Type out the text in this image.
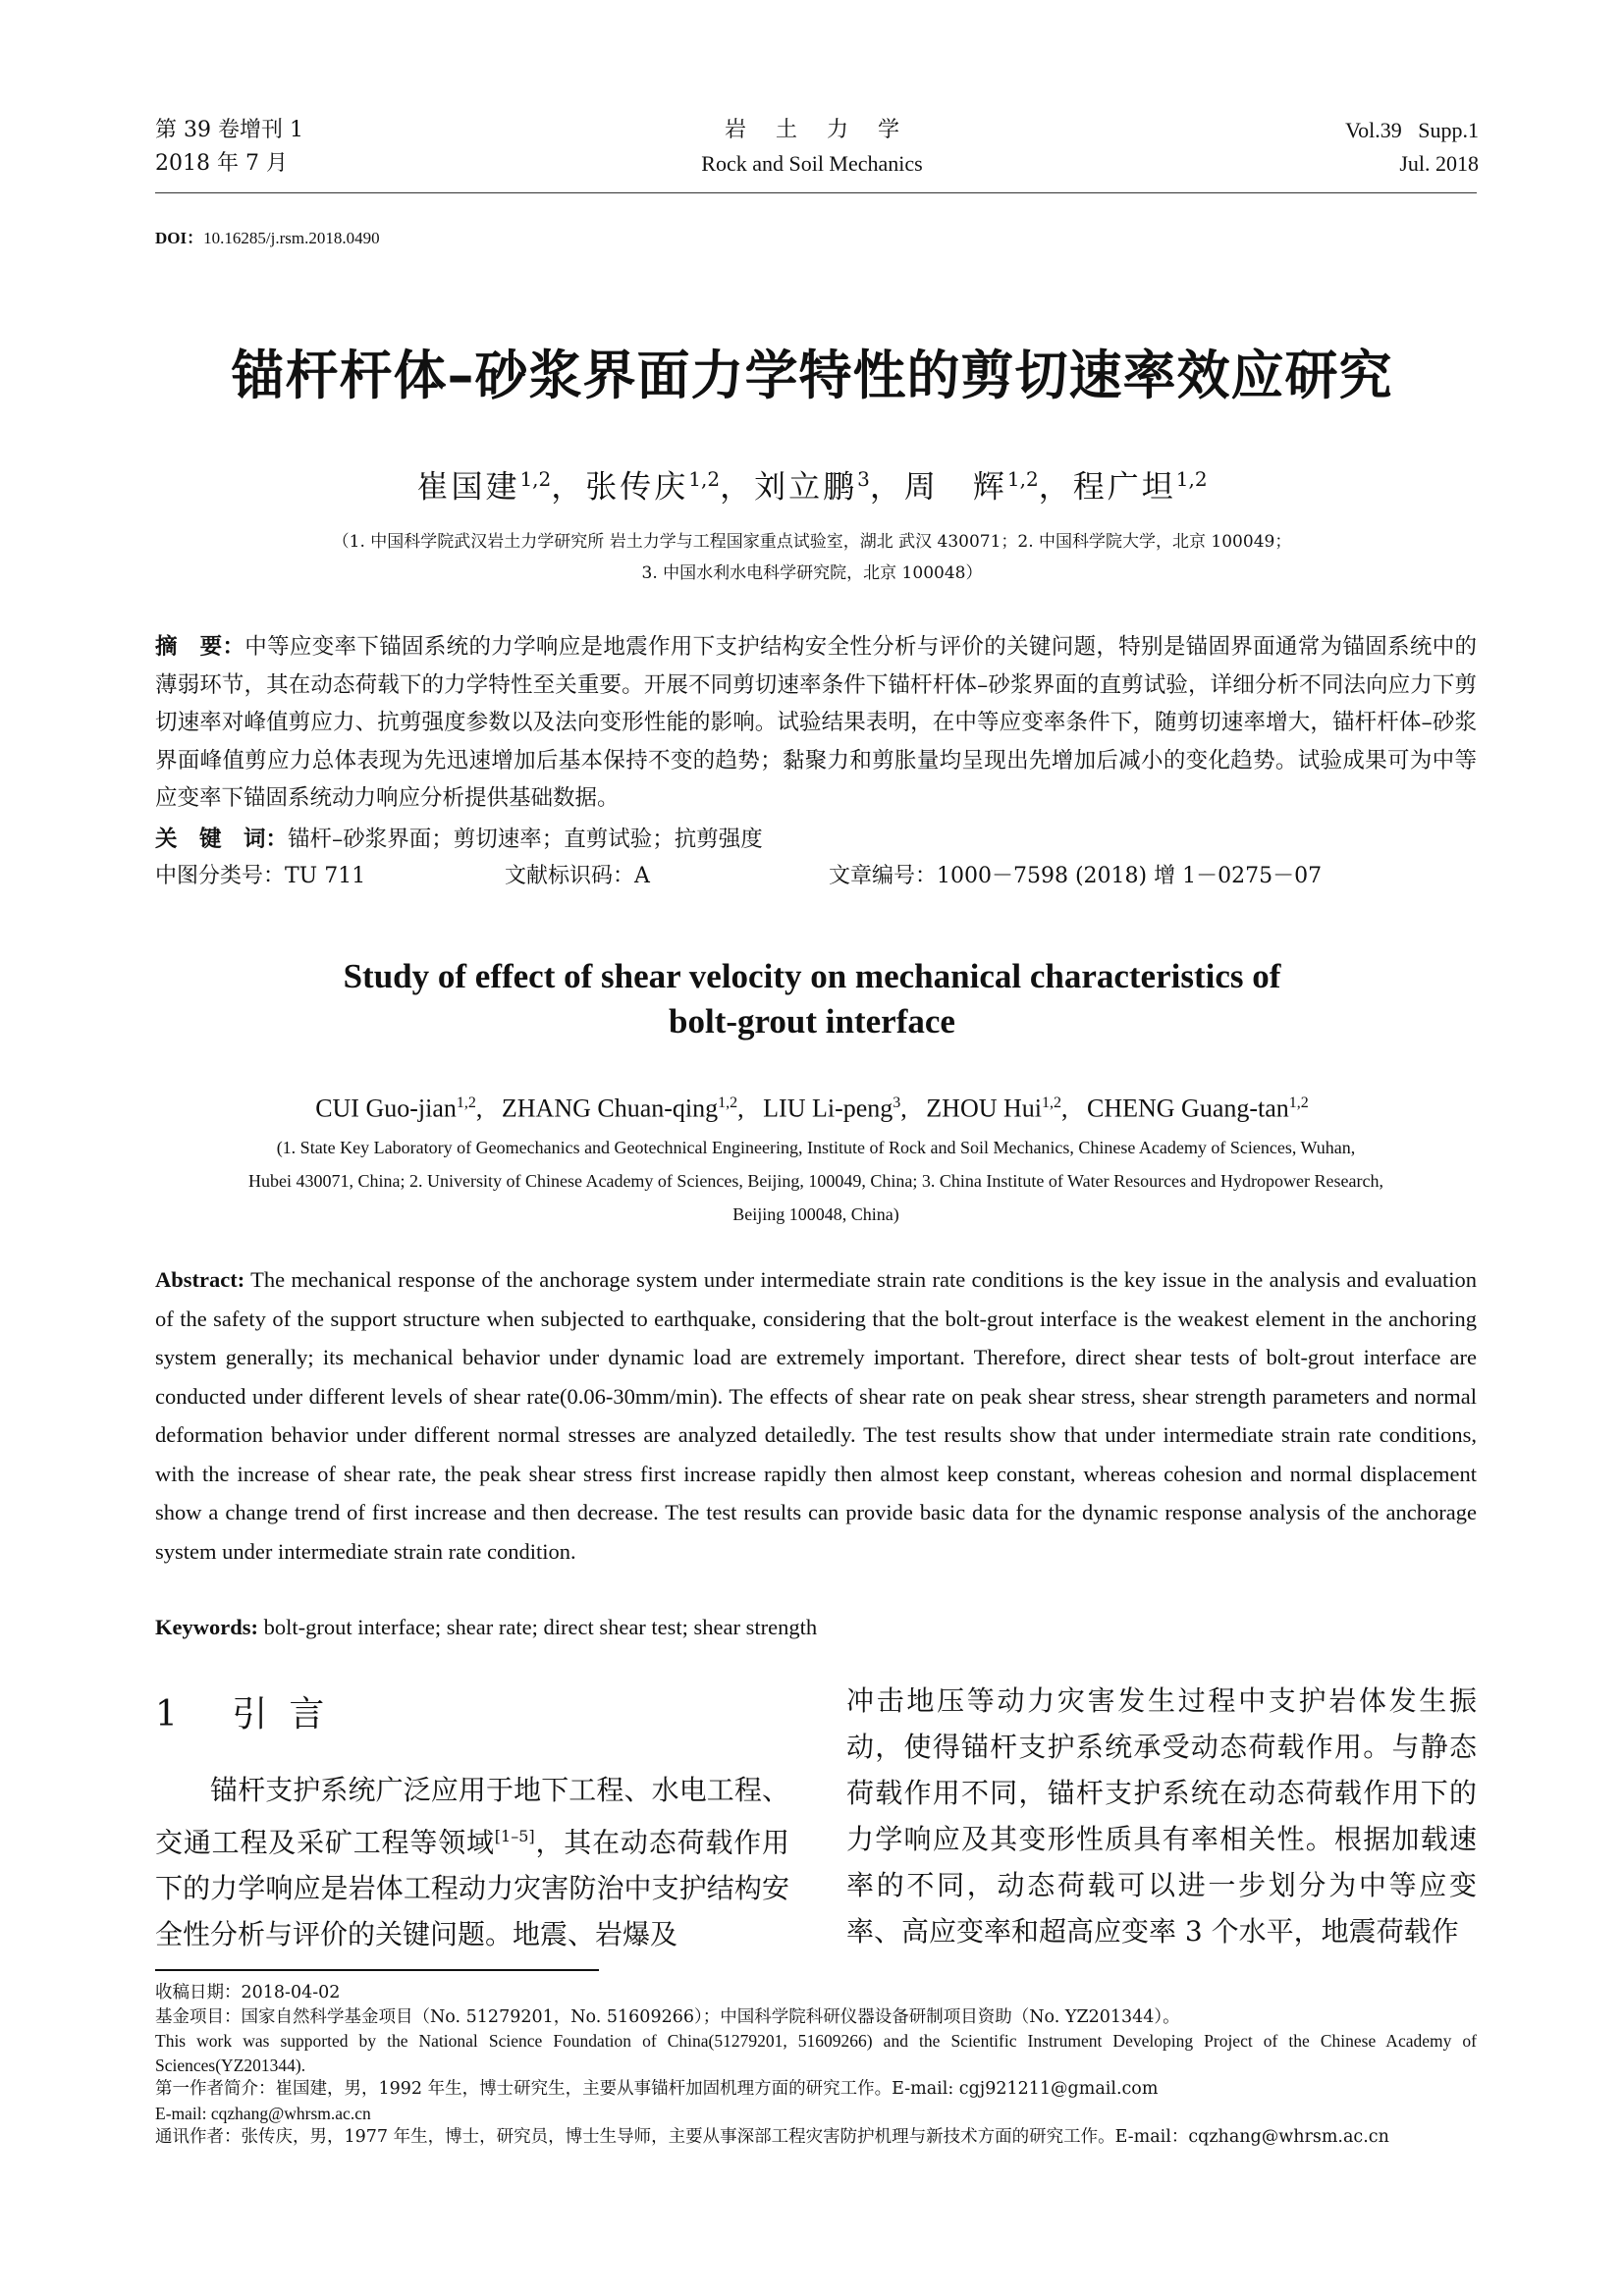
第 39 卷增刊 1
2018 年 7 月
岩土力学
Rock and Soil Mechanics
Vol.39   Supp.1
Jul. 2018
DOI：10.16285/j.rsm.2018.0490
锚杆杆体–砂浆界面力学特性的剪切速率效应研究
崔国建$^{1,2}$，张传庆$^{1,2}$，刘立鹏$^3$，周　辉$^{1,2}$，程广坦$^{1,2}$
（1. 中国科学院武汉岩土力学研究所 岩土力学与工程国家重点试验室，湖北 武汉 430071；2. 中国科学院大学，北京 100049；
3. 中国水利水电科学研究院，北京 100048）
摘　要：中等应变率下锚固系统的力学响应是地震作用下支护结构安全性分析与评价的关键问题，特别是锚固界面通常为锚固系统中的薄弱环节，其在动态荷载下的力学特性至关重要。开展不同剪切速率条件下锚杆杆体–砂浆界面的直剪试验，详细分析不同法向应力下剪切速率对峰值剪应力、抗剪强度参数以及法向变形性能的影响。试验结果表明，在中等应变率条件下，随剪切速率增大，锚杆杆体–砂浆界面峰值剪应力总体表现为先迅速增加后基本保持不变的趋势；黏聚力和剪胀量均呈现出先增加后减小的变化趋势。试验成果可为中等应变率下锚固系统动力响应分析提供基础数据。
关　键　词：锚杆–砂浆界面；剪切速率；直剪试验；抗剪强度
中图分类号：TU 711	文献标识码：A	文章编号：1000－7598 (2018) 增 1－0275－07
Study of effect of shear velocity on mechanical characteristics of
bolt-grout interface
CUI Guo-jian$^{1,2}$,   ZHANG Chuan-qing$^{1,2}$,   LIU Li-peng$^3$,   ZHOU Hui$^{1,2}$,   CHENG Guang-$\tan^{1,2}$
(1. State Key Laboratory of Geomechanics and Geotechnical Engineering, Institute of Rock and Soil Mechanics, Chinese Academy of Sciences, Wuhan,
Hubei 430071, China; 2. University of Chinese Academy of Sciences, Beijing, 100049, China; 3. China Institute of Water Resources and Hydropower Research,
Beijing 100048, China)
Abstract: The mechanical response of the anchorage system under intermediate strain rate conditions is the key issue in the analysis and evaluation of the safety of the support structure when subjected to earthquake, considering that the bolt-grout interface is the weakest element in the anchoring system generally; its mechanical behavior under dynamic load are extremely important. Therefore, direct shear tests of bolt-grout interface are conducted under different levels of shear rate(0.06-30mm/min). The effects of shear rate on peak shear stress, shear strength parameters and normal deformation behavior under different normal stresses are analyzed detailedly. The test results show that under intermediate strain rate conditions, with the increase of shear rate, the peak shear stress first increase rapidly then almost keep constant, whereas cohesion and normal displacement show a change trend of first increase and then decrease. The test results can provide basic data for the dynamic response analysis of the anchorage system under intermediate strain rate condition.
Keywords: bolt-grout interface; shear rate; direct shear test; shear strength
1 引言
锚杆支护系统广泛应用于地下工程、水电工程、交通工程及采矿工程等领域[1–5]，其在动态荷载作用下的力学响应是岩体工程动力灾害防治中支护结构安全性分析与评价的关键问题。地震、岩爆及
冲击地压等动力灾害发生过程中支护岩体发生振动，使得锚杆支护系统承受动态荷载作用。与静态荷载作用不同，锚杆支护系统在动态荷载作用下的力学响应及其变形性质具有率相关性。根据加载速率的不同，动态荷载可以进一步划分为中等应变率、高应变率和超高应变率 3 个水平，地震荷载作
收稿日期：2018-04-02
基金项目：国家自然科学基金项目（No. 51279201，No. 51609266）；中国科学院科研仪器设备研制项目资助（No. YZ201344）。
This work was supported by the National Science Foundation of China(51279201, 51609266) and the Scientific Instrument Developing Project of the Chinese Academy of Sciences(YZ201344).
第一作者简介：崔国建，男，1992 年生，博士研究生，主要从事锚杆加固机理方面的研究工作。E-mail: cgj921211@gmail.com
E-mail: cqzhang@whrsm.ac.cn
通讯作者：张传庆，男，1977 年生，博士，研究员，博士生导师，主要从事深部工程灾害防护机理与新技术方面的研究工作。E-mail：cqzhang@whrsm.ac.cn
